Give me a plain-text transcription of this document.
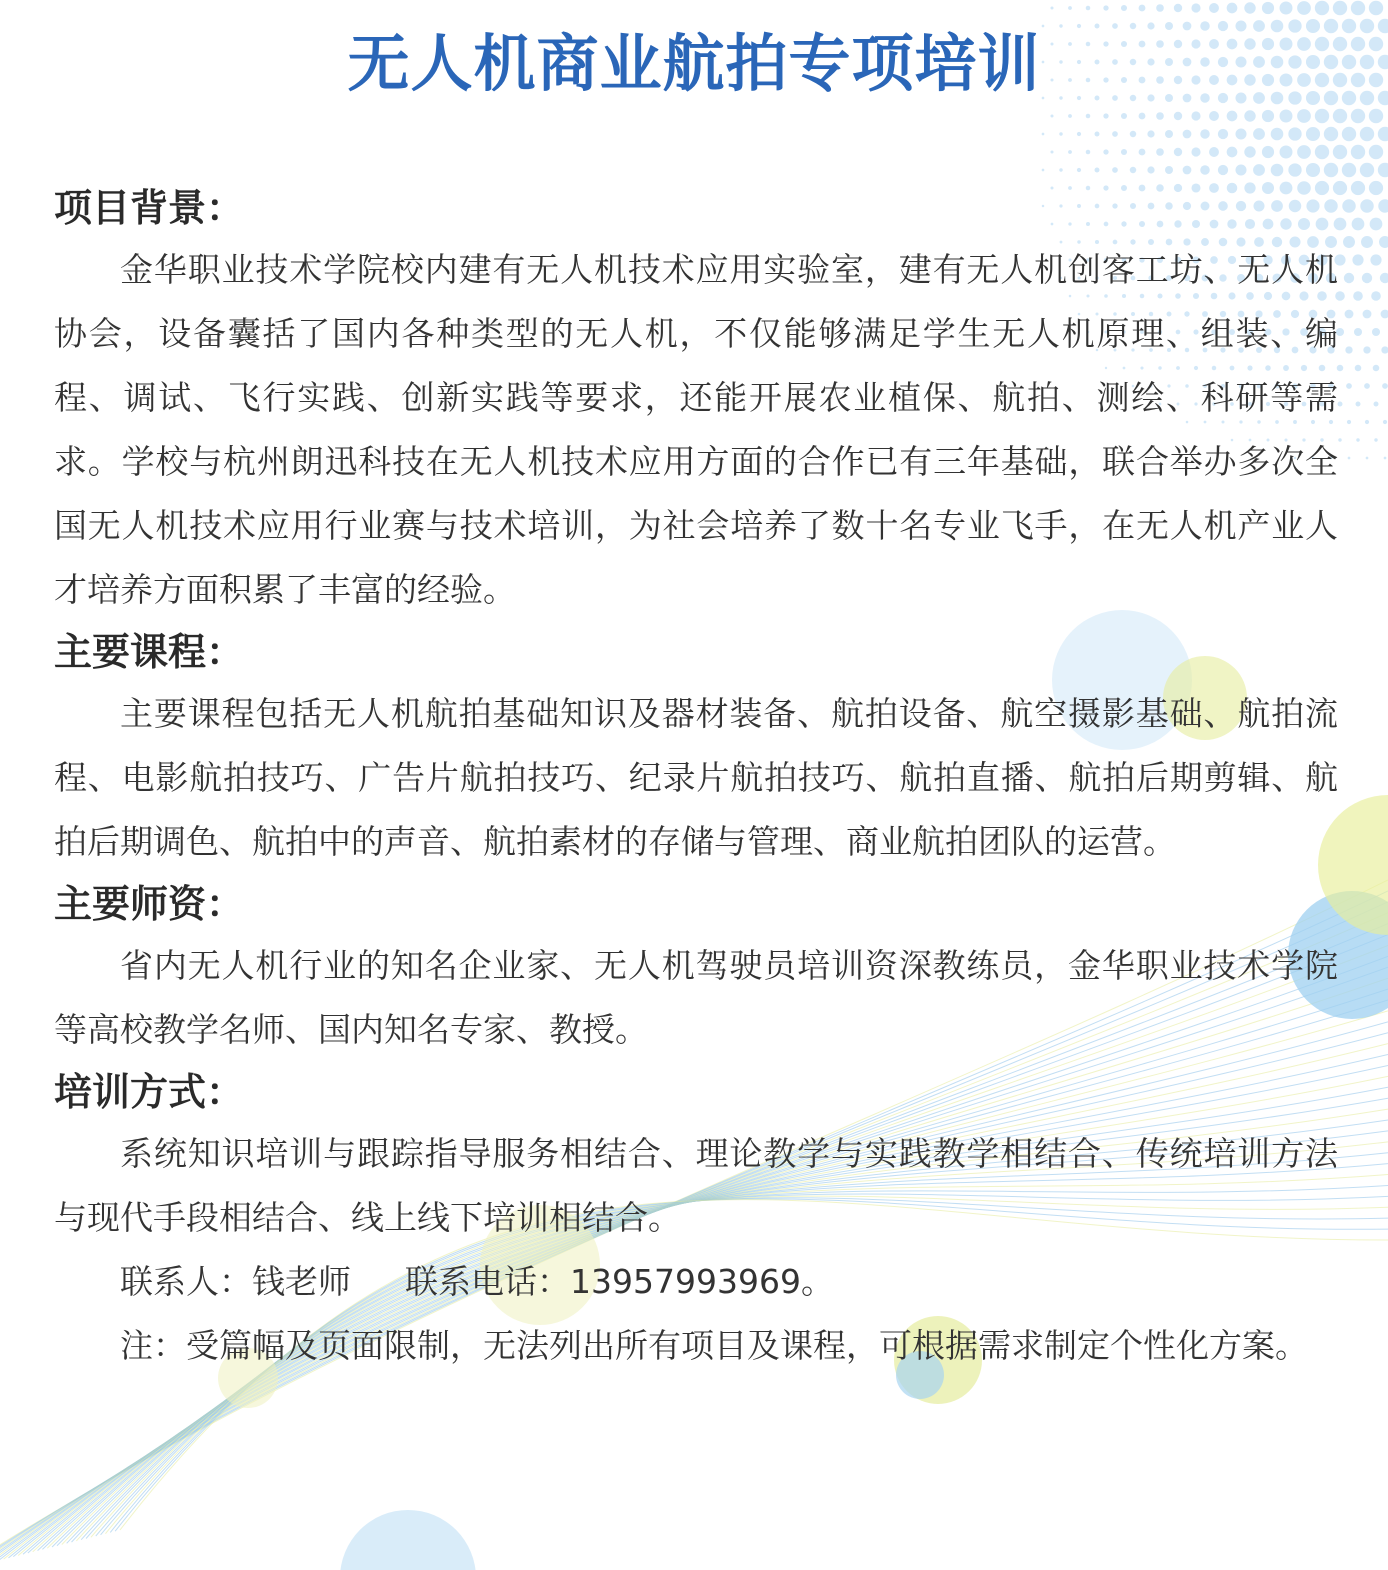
无人机商业航拍专项培训
项目背景：

金华职业技术学院校内建有无人机技术应用实验室，建有无人机创客工坊、无人机协会，设备囊括了国内各种类型的无人机，不仅能够满足学生无人机原理、组装、编程、调试、飞行实践、创新实践等要求，还能开展农业植保、航拍、测绘、科研等需求。学校与杭州朗迅科技在无人机技术应用方面的合作已有三年基础，联合举办多次全国无人机技术应用行业赛与技术培训，为社会培养了数十名专业飞手，在无人机产业人才培养方面积累了丰富的经验。

主要课程：

主要课程包括无人机航拍基础知识及器材装备、航拍设备、航空摄影基础、航拍流程、电影航拍技巧、广告片航拍技巧、纪录片航拍技巧、航拍直播、航拍后期剪辑、航拍后期调色、航拍中的声音、航拍素材的存储与管理、商业航拍团队的运营。

主要师资：

省内无人机行业的知名企业家、无人机驾驶员培训资深教练员，金华职业技术学院等高校教学名师、国内知名专家、教授。

培训方式：

系统知识培训与跟踪指导服务相结合、理论教学与实践教学相结合、传统培训方法与现代手段相结合、线上线下培训相结合。

联系人：钱老师 联系电话：13957993969。

注：受篇幅及页面限制，无法列出所有项目及课程，可根据需求制定个性化方案。
